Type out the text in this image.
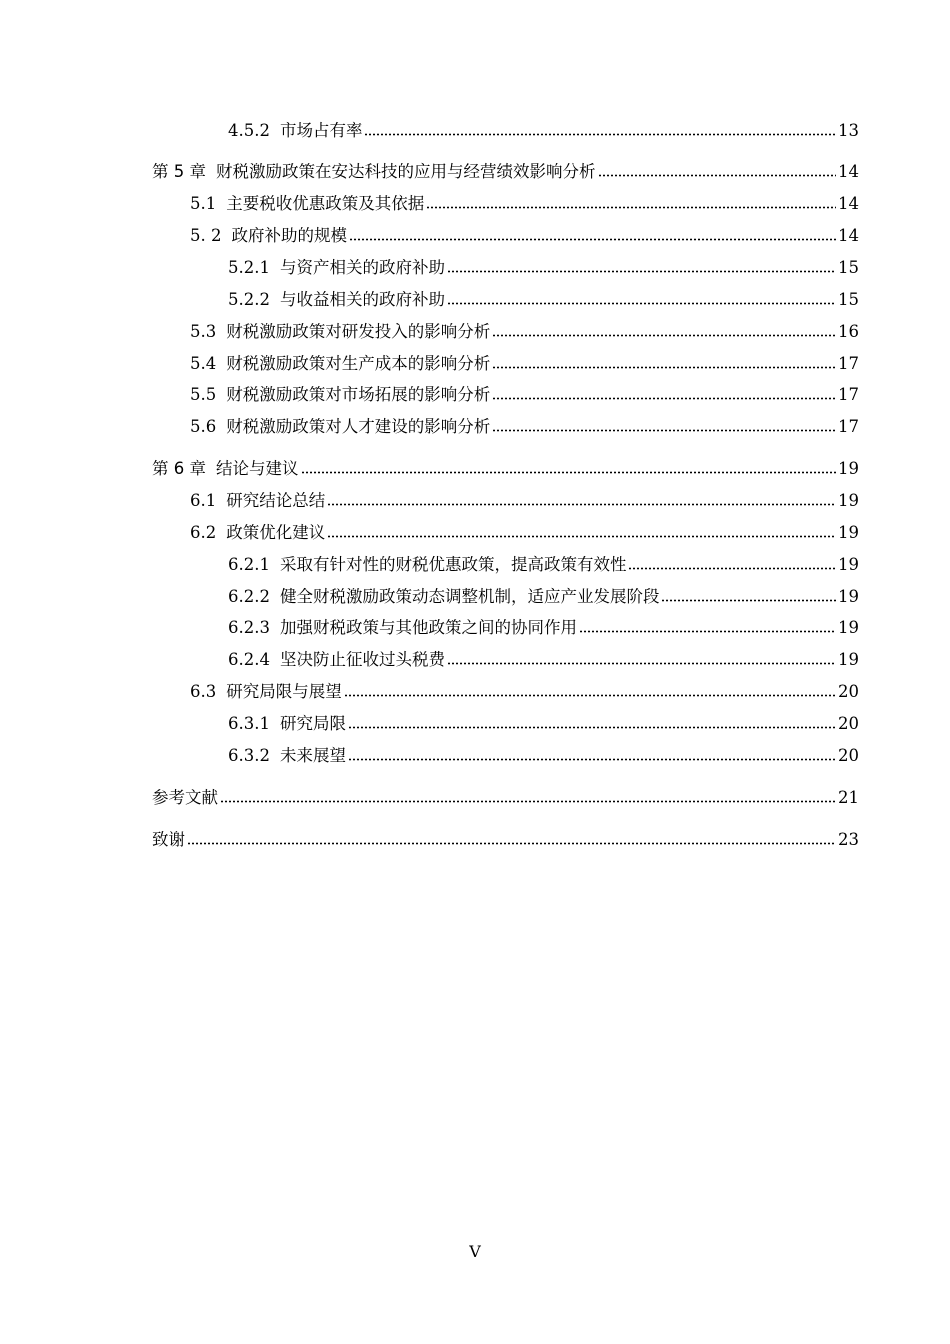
4.5.2 市场占有率	13
第 5 章 财税激励政策在安达科技的应用与经营绩效影响分析	14
5.1 主要税收优惠政策及其依据	14
5. 2 政府补助的规模	14
5.2.1 与资产相关的政府补助	15
5.2.2 与收益相关的政府补助	15
5.3 财税激励政策对研发投入的影响分析	16
5.4 财税激励政策对生产成本的影响分析	17
5.5 财税激励政策对市场拓展的影响分析	17
5.6 财税激励政策对人才建设的影响分析	17
第 6 章 结论与建议	19
6.1 研究结论总结	19
6.2 政策优化建议	19
6.2.1 采取有针对性的财税优惠政策，提高政策有效性	19
6.2.2 健全财税激励政策动态调整机制，适应产业发展阶段	19
6.2.3 加强财税政策与其他政策之间的协同作用	19
6.2.4 坚决防止征收过头税费	19
6.3 研究局限与展望	20
6.3.1 研究局限	20
6.3.2 未来展望	20
参考文献	21
致谢	23
V
